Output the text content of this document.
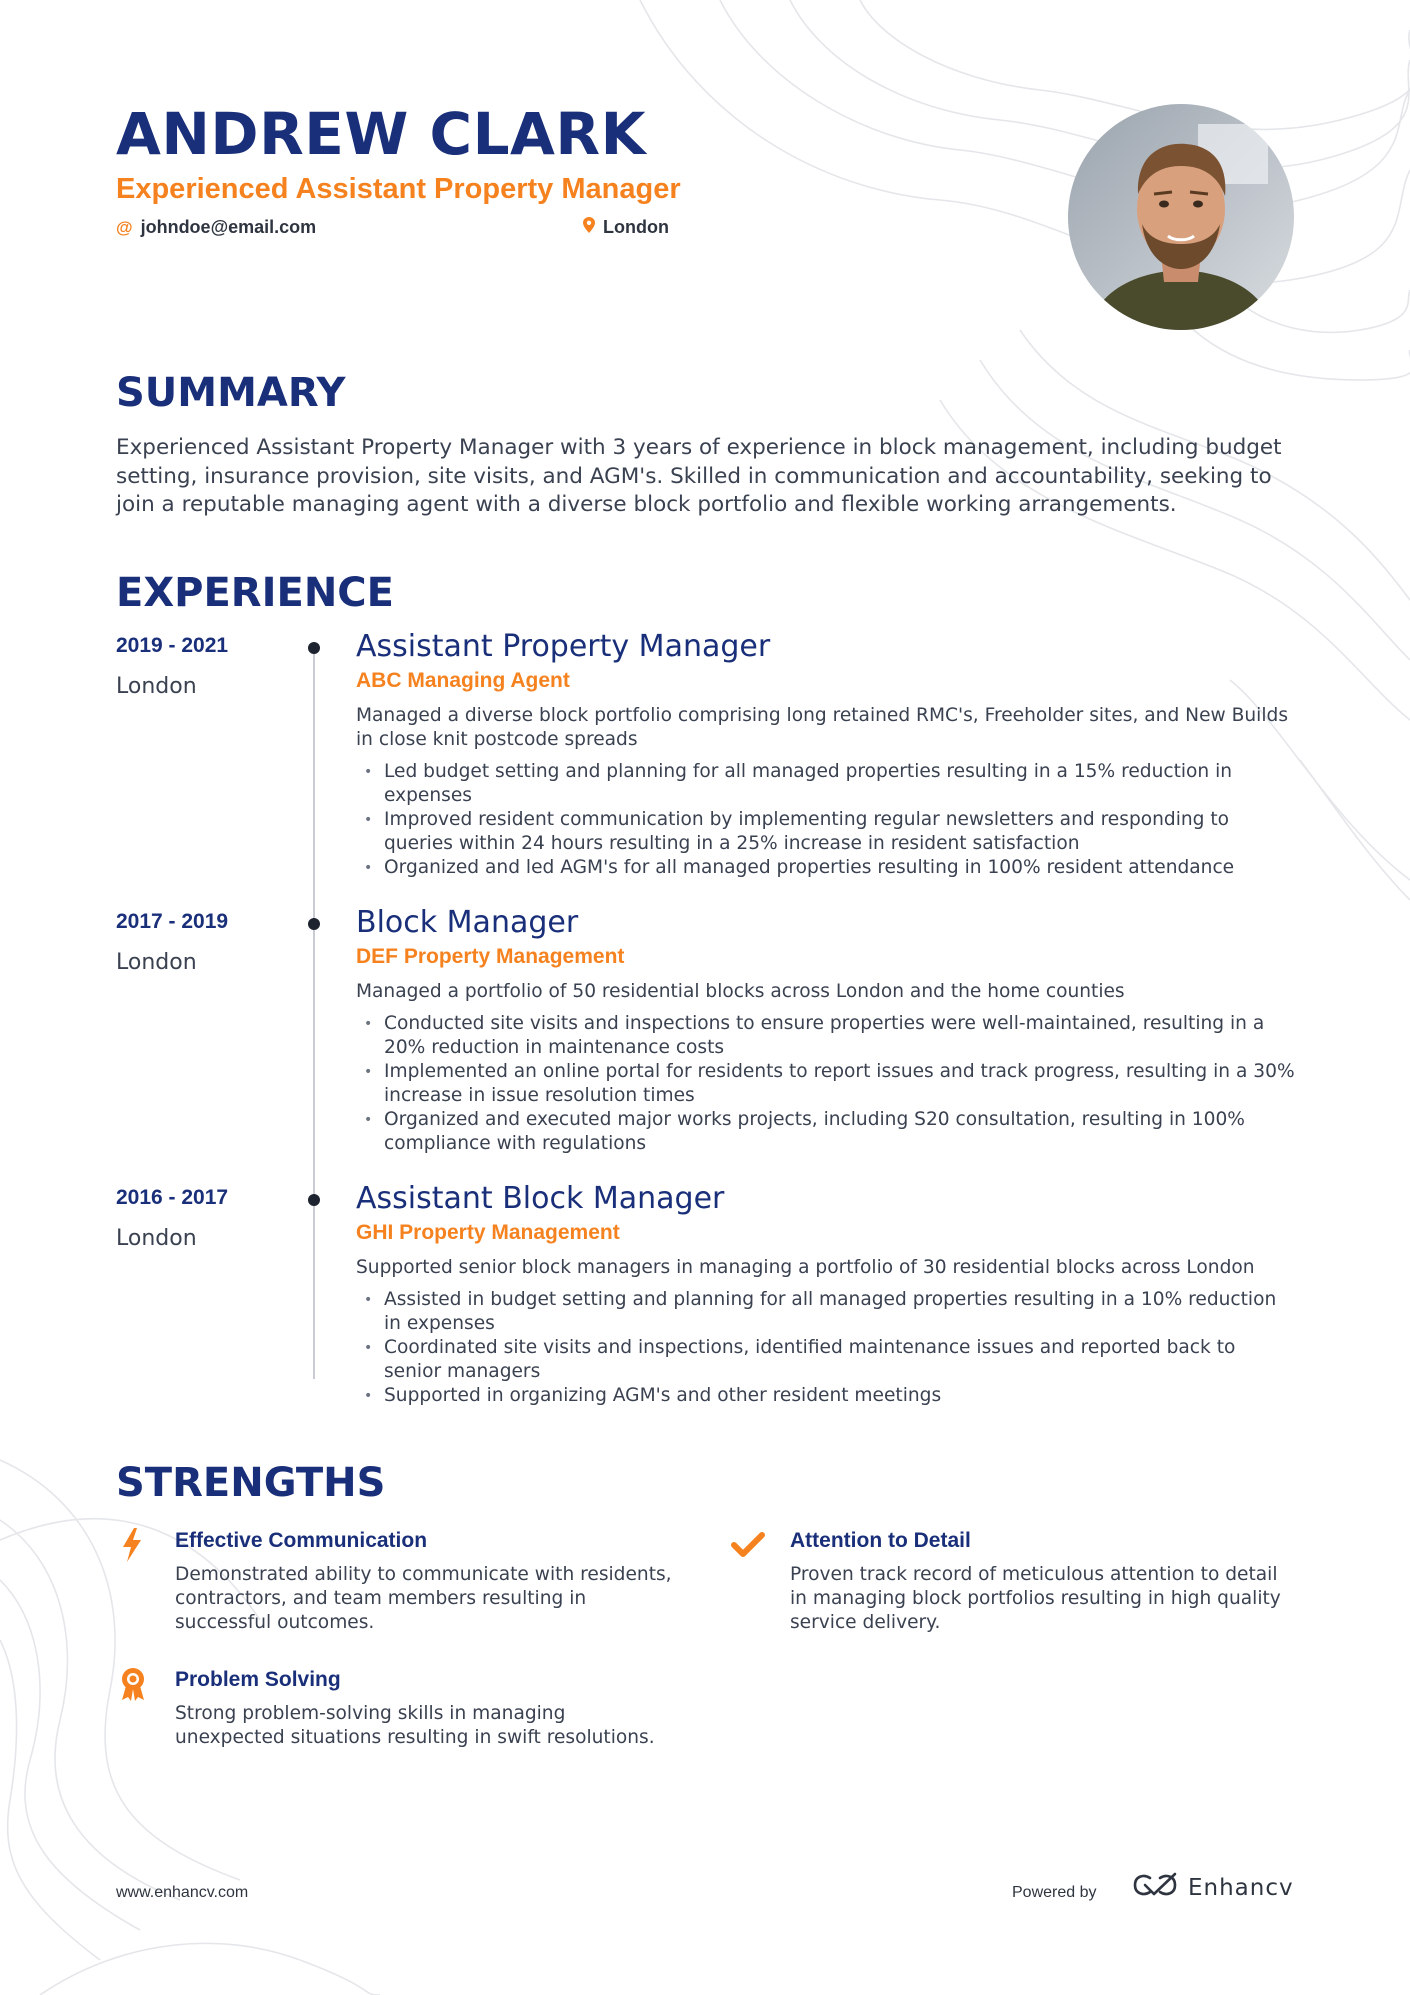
ANDREW CLARK
Experienced Assistant Property Manager
@ johndoe@email.com	London
SUMMARY
Experienced Assistant Property Manager with 3 years of experience in block management, including budget setting, insurance provision, site visits, and AGM's. Skilled in communication and accountability, seeking to join a reputable managing agent with a diverse block portfolio and flexible working arrangements.
EXPERIENCE
2019 - 2021
London
Assistant Property Manager
ABC Managing Agent
Managed a diverse block portfolio comprising long retained RMC's, Freeholder sites, and New Builds in close knit postcode spreads
• Led budget setting and planning for all managed properties resulting in a 15% reduction in expenses
• Improved resident communication by implementing regular newsletters and responding to queries within 24 hours resulting in a 25% increase in resident satisfaction
• Organized and led AGM's for all managed properties resulting in 100% resident attendance
2017 - 2019
London
Block Manager
DEF Property Management
Managed a portfolio of 50 residential blocks across London and the home counties
• Conducted site visits and inspections to ensure properties were well-maintained, resulting in a 20% reduction in maintenance costs
• Implemented an online portal for residents to report issues and track progress, resulting in a 30% increase in issue resolution times
• Organized and executed major works projects, including S20 consultation, resulting in 100% compliance with regulations
2016 - 2017
London
Assistant Block Manager
GHI Property Management
Supported senior block managers in managing a portfolio of 30 residential blocks across London
• Assisted in budget setting and planning for all managed properties resulting in a 10% reduction in expenses
• Coordinated site visits and inspections, identified maintenance issues and reported back to senior managers
• Supported in organizing AGM's and other resident meetings
STRENGTHS
Effective Communication
Demonstrated ability to communicate with residents, contractors, and team members resulting in successful outcomes.
Attention to Detail
Proven track record of meticulous attention to detail in managing block portfolios resulting in high quality service delivery.
Problem Solving
Strong problem-solving skills in managing unexpected situations resulting in swift resolutions.
www.enhancv.com	Powered by	Enhancv
